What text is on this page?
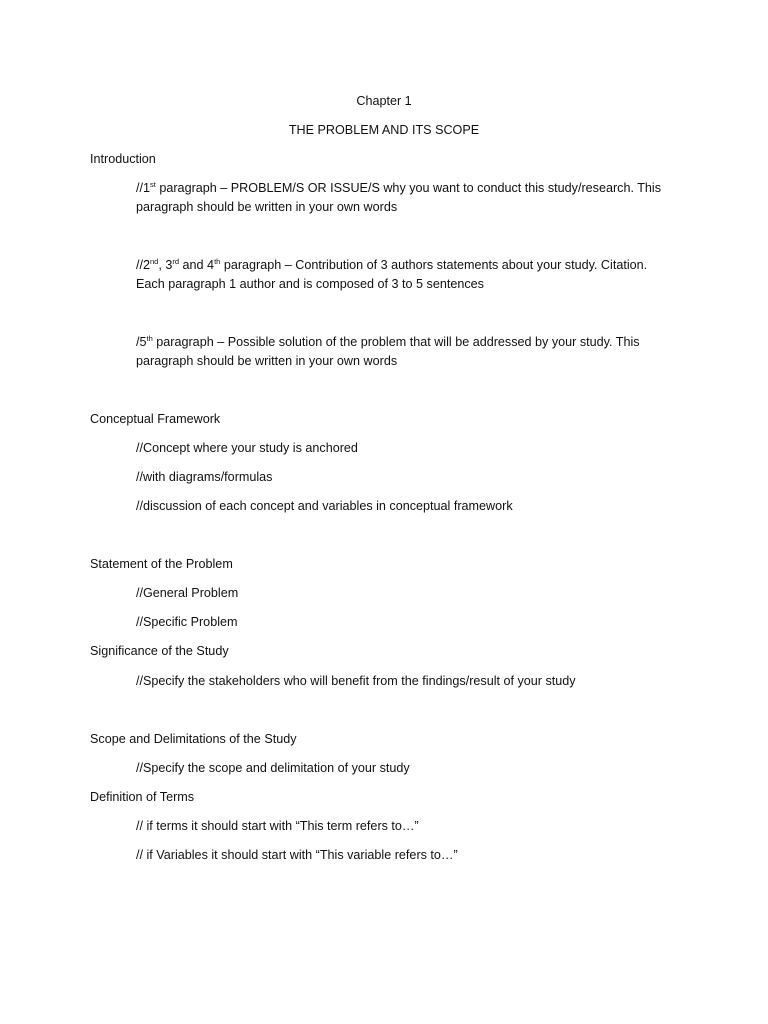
Chapter 1
THE PROBLEM AND ITS SCOPE
Introduction
//1st paragraph – PROBLEM/S OR ISSUE/S why you want to conduct this study/research. This
paragraph should be written in your own words
//2nd, 3rd and 4th paragraph – Contribution of 3 authors statements about your study. Citation.
Each paragraph 1 author and is composed of 3 to 5 sentences
/5th paragraph – Possible solution of the problem that will be addressed by your study. This
paragraph should be written in your own words
Conceptual Framework
//Concept where your study is anchored
//with diagrams/formulas
//discussion of each concept and variables in conceptual framework
Statement of the Problem
//General Problem
//Specific Problem
Significance of the Study
//Specify the stakeholders who will benefit from the findings/result of your study
Scope and Delimitations of the Study
//Specify the scope and delimitation of your study
Definition of Terms
// if terms it should start with “This term refers to…”
// if Variables it should start with “This variable refers to…”
